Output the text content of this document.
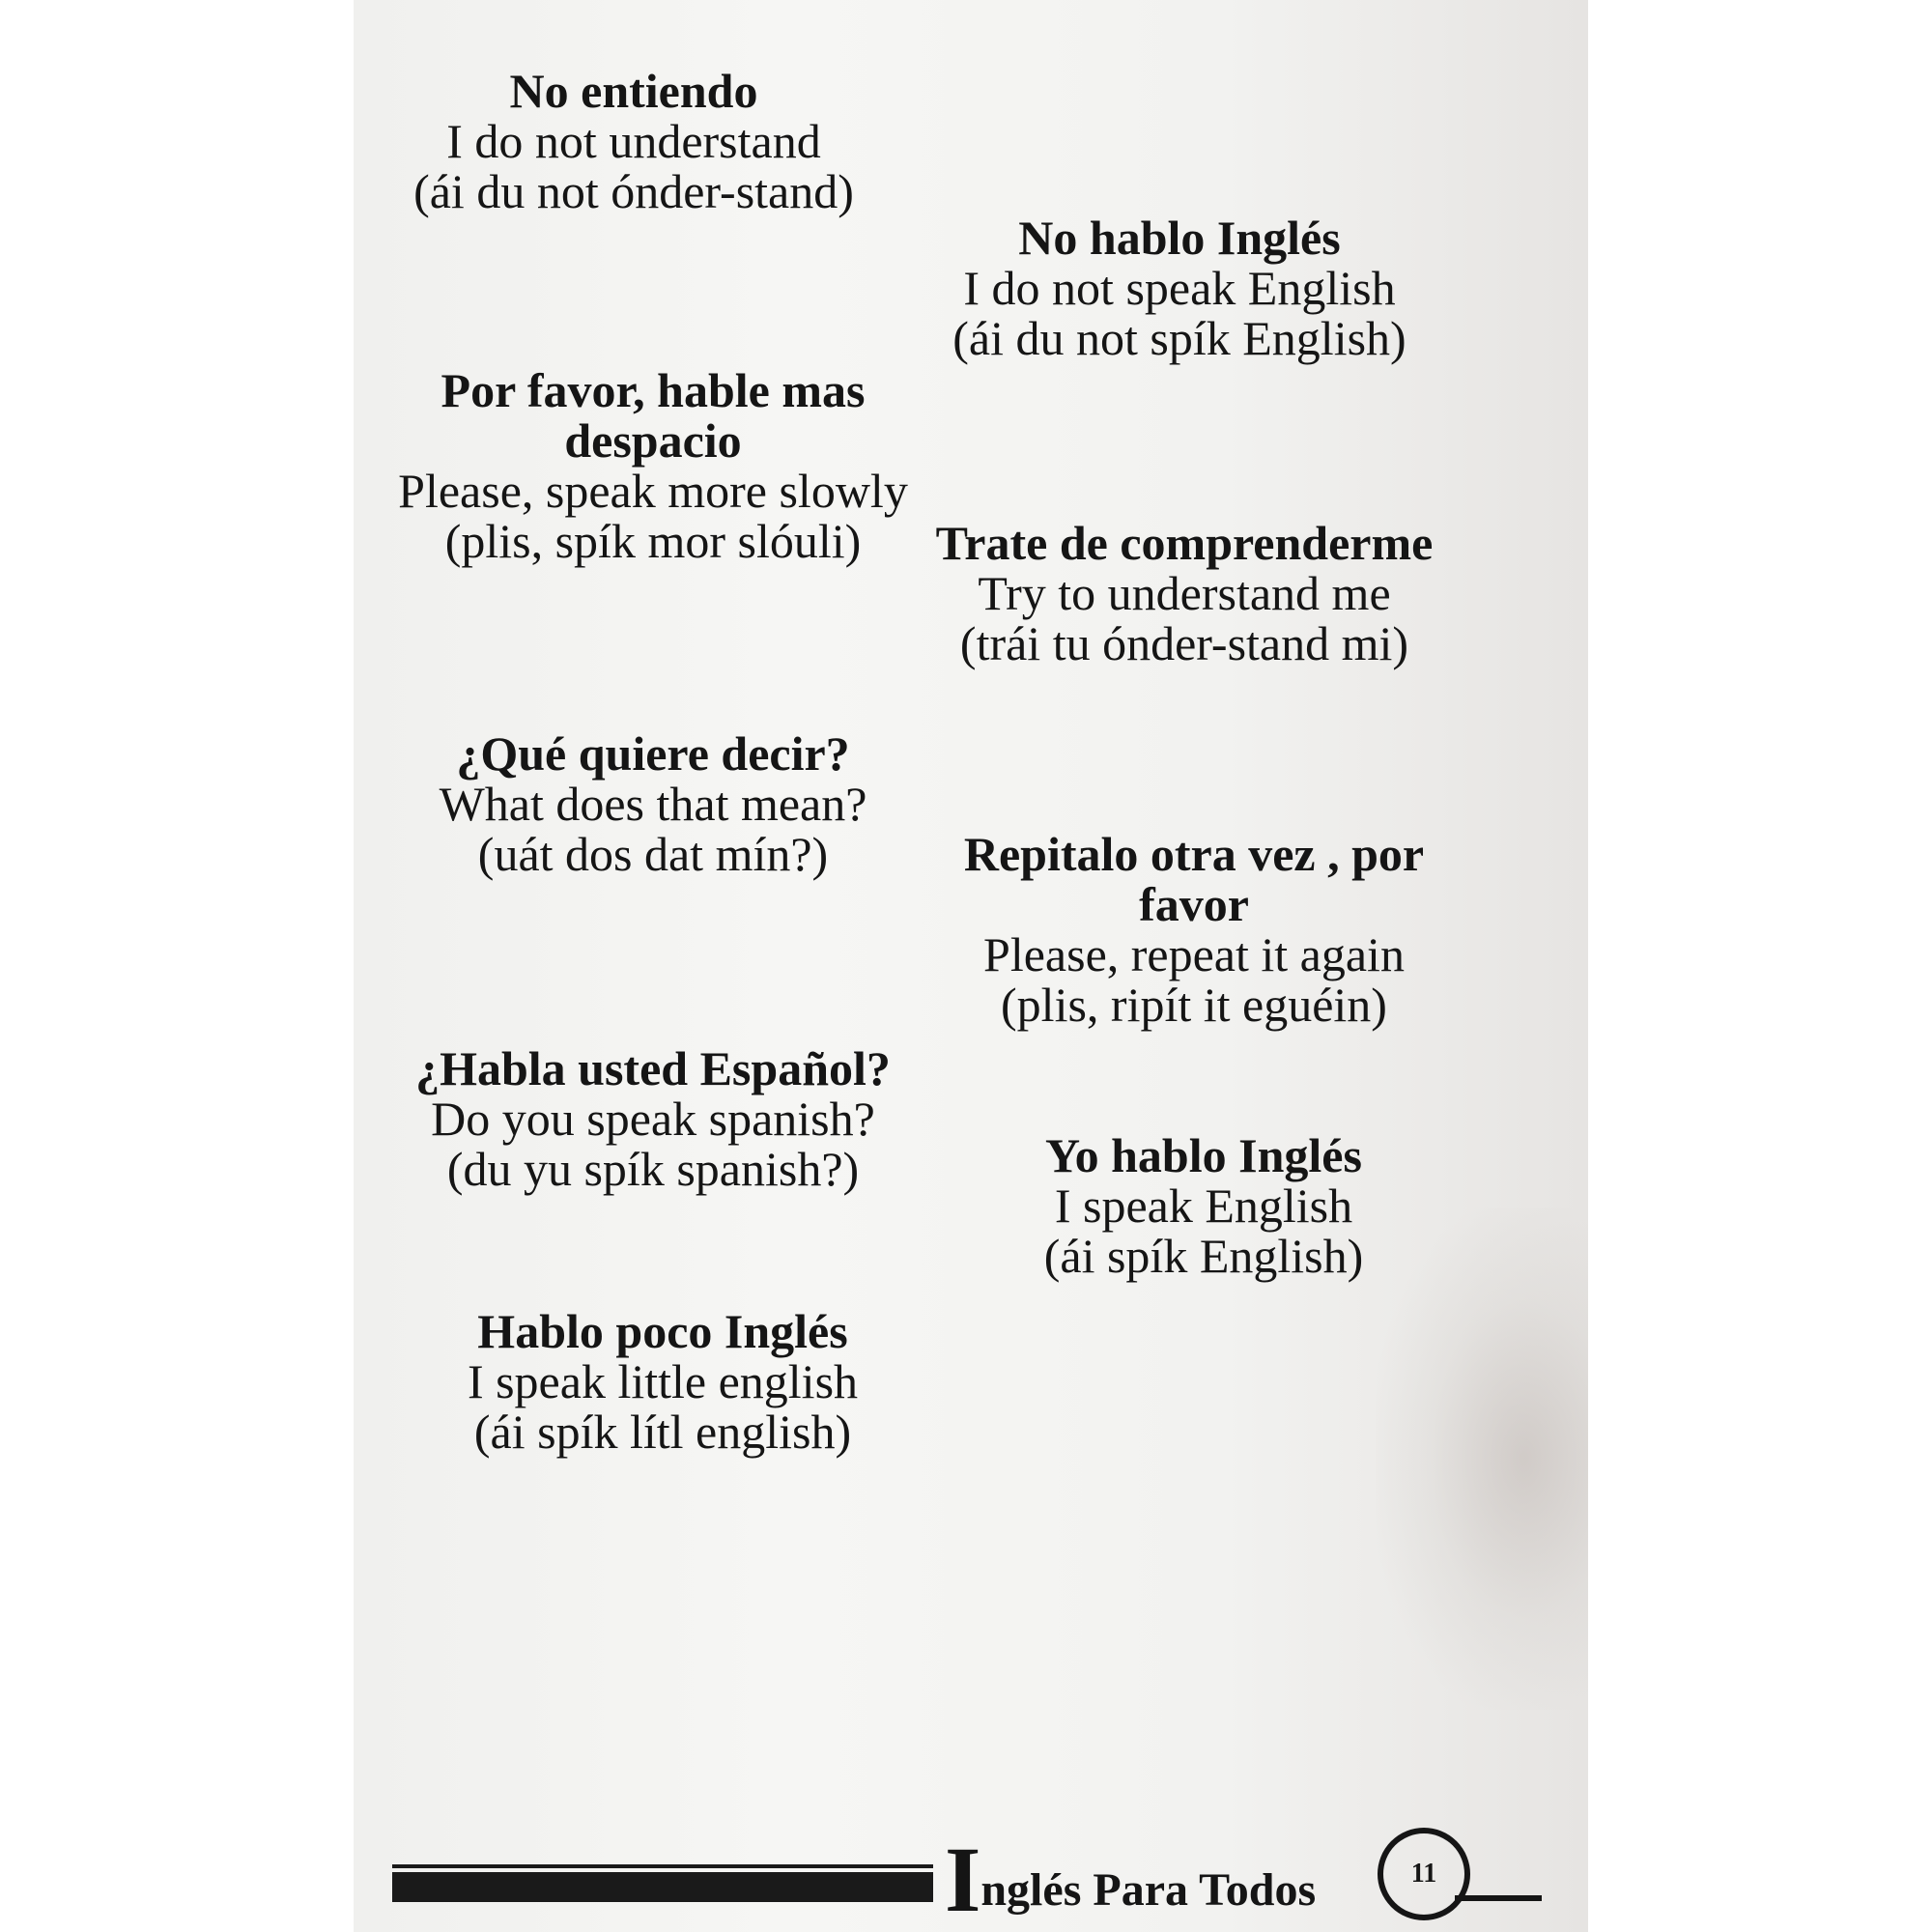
No entiendo
I do not understand
(ái du not ónder-stand)
No hablo Inglés
I do not speak English
(ái du not spík English)
Por favor, hable mas despacio
Please, speak more slowly
(plis, spík mor slóuli)	Trate de comprenderme
Try to understand me
(trái tu ónder-stand mi)
¿Qué quiere decir?
What does that mean?
(uát dos dat mín?)	Repitalo otra vez , por favor
Please, repeat it again
(plis, ripít it eguéin)
¿Habla usted Español?
Do you speak spanish?
(du yu spík spanish?)	Yo hablo Inglés
I speak English
(ái spík English)
Hablo poco Inglés
I speak little english
(ái spík lítl english)
Inglés Para Todos	11
